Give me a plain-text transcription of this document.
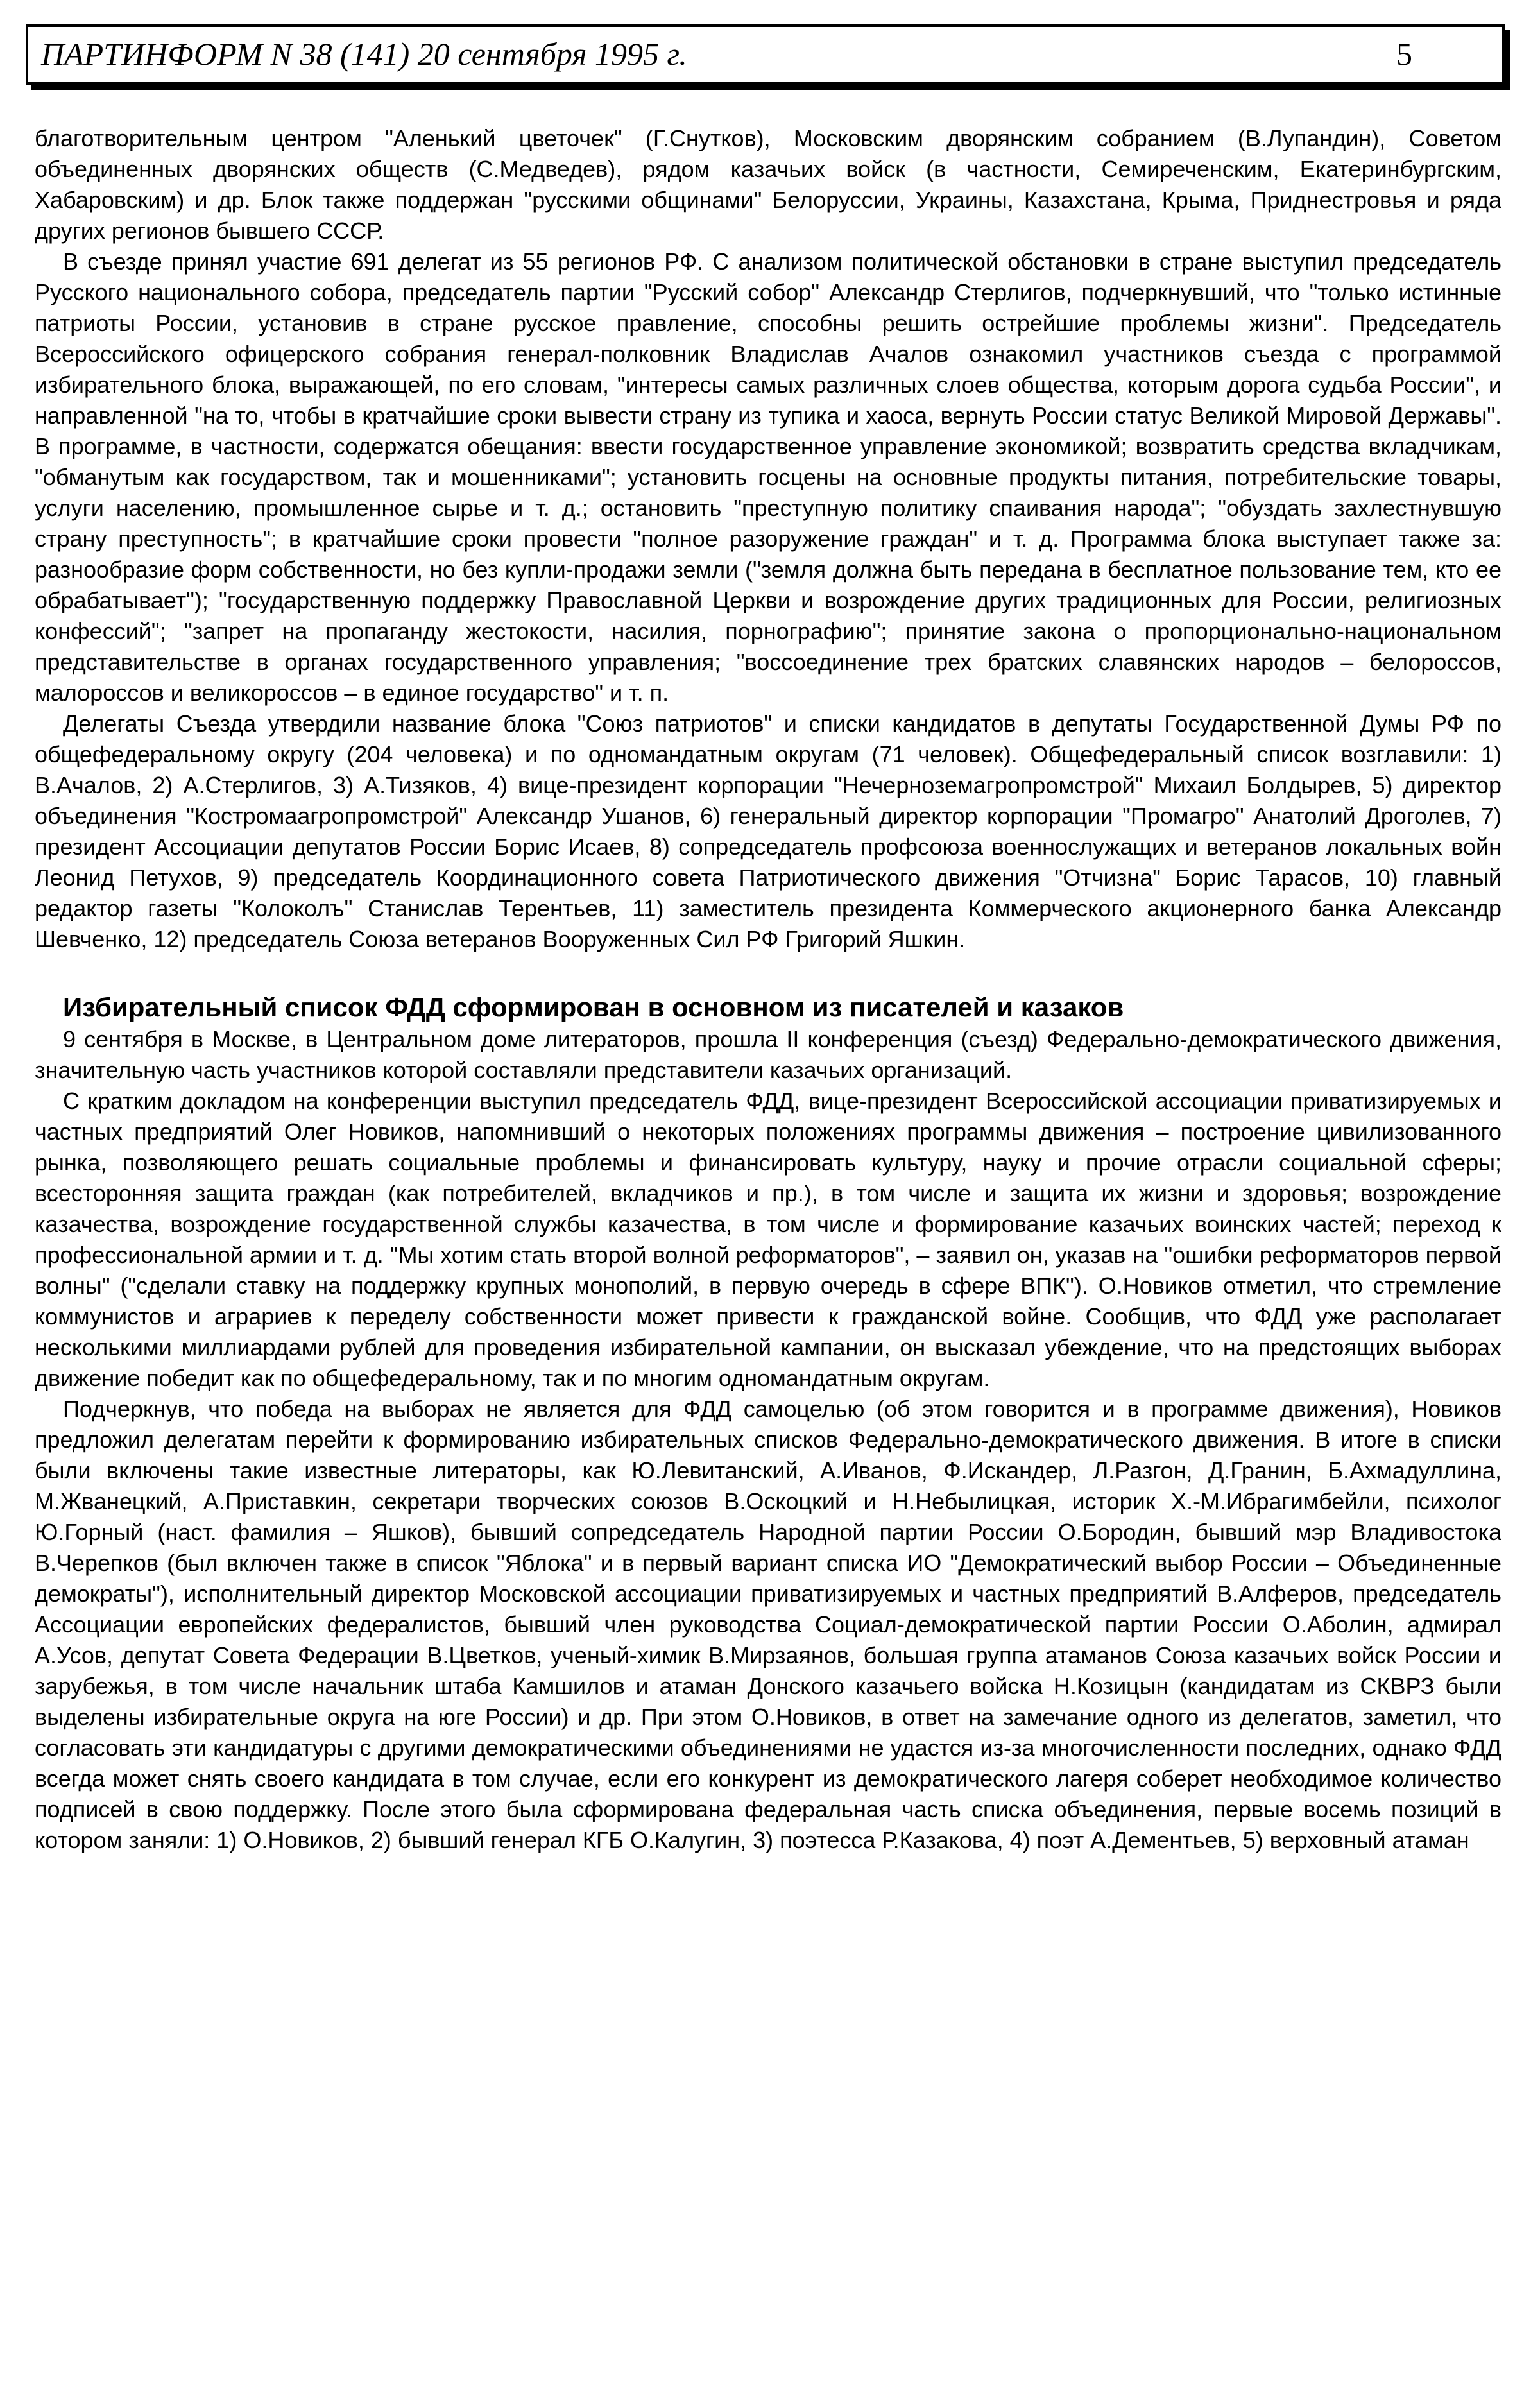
ПАРТИНФОРМ N 38 (141) 20 сентября 1995 г.	5

благотворительным центром "Аленький цветочек" (Г.Снутков), Московским дворянским собранием (В.Лупандин), Советом объединенных дворянских обществ (С.Медведев), рядом казачьих войск (в частности, Семиреченским, Екатеринбургским, Хабаровским) и др. Блок также поддержан "русскими общинами" Белоруссии, Украины, Казахстана, Крыма, Приднестровья и ряда других регионов бывшего СССР.

В съезде принял участие 691 делегат из 55 регионов РФ. С анализом политической обстановки в стране выступил председатель Русского национального собора, председатель партии "Русский собор" Александр Стерлигов, подчеркнувший, что "только истинные патриоты России, установив в стране русское правление, способны решить острейшие проблемы жизни". Председатель Всероссийского офицерского собрания генерал-полковник Владислав Ачалов ознакомил участников съезда с программой избирательного блока, выражающей, по его словам, "интересы самых различных слоев общества, которым дорога судьба России", и направленной "на то, чтобы в кратчайшие сроки вывести страну из тупика и хаоса, вернуть России статус Великой Мировой Державы". В программе, в частности, содержатся обещания: ввести государственное управление экономикой; возвратить средства вкладчикам, "обманутым как государством, так и мошенниками"; установить госцены на основные продукты питания, потребительские товары, услуги населению, промышленное сырье и т. д.; остановить "преступную политику спаивания народа"; "обуздать захлестнувшую страну преступность"; в кратчайшие сроки провести "полное разоружение граждан" и т. д. Программа блока выступает также за: разнообразие форм собственности, но без купли-продажи земли ("земля должна быть передана в бесплатное пользование тем, кто ее обрабатывает"); "государственную поддержку Православной Церкви и возрождение других традиционных для России, религиозных конфессий"; "запрет на пропаганду жестокости, насилия, порнографию"; принятие закона о пропорционально-национальном представительстве в органах государственного управления; "воссоединение трех братских славянских народов – белороссов, малороссов и великороссов – в единое государство" и т. п.

Делегаты Съезда утвердили название блока "Союз патриотов" и списки кандидатов в депутаты Государственной Думы РФ по общефедеральному округу (204 человека) и по одномандатным округам (71 человек). Общефедеральный список возглавили: 1) В.Ачалов, 2) А.Стерлигов, 3) А.Тизяков, 4) вице-президент корпорации "Нечерноземагропромстрой" Михаил Болдырев, 5) директор объединения "Костромаагропромстрой" Александр Ушанов, 6) генеральный директор корпорации "Промагро" Анатолий Дроголев, 7) президент Ассоциации депутатов России Борис Исаев, 8) сопредседатель профсоюза военнослужащих и ветеранов локальных войн Леонид Петухов, 9) председатель Координационного совета Патриотического движения "Отчизна" Борис Тарасов, 10) главный редактор газеты "Колоколъ" Станислав Терентьев, 11) заместитель президента Коммерческого акционерного банка Александр Шевченко, 12) председатель Союза ветеранов Вооруженных Сил РФ Григорий Яшкин.

Избирательный список ФДД сформирован в основном из писателей и казаков

9 сентября в Москве, в Центральном доме литераторов, прошла II конференция (съезд) Федерально-демократического движения, значительную часть участников которой составляли представители казачьих организаций.

С кратким докладом на конференции выступил председатель ФДД, вице-президент Всероссийской ассоциации приватизируемых и частных предприятий Олег Новиков, напомнивший о некоторых положениях программы движения – построение цивилизованного рынка, позволяющего решать социальные проблемы и финансировать культуру, науку и прочие отрасли социальной сферы; всесторонняя защита граждан (как потребителей, вкладчиков и пр.), в том числе и защита их жизни и здоровья; возрождение казачества, возрождение государственной службы казачества, в том числе и формирование казачьих воинских частей; переход к профессиональной армии и т. д. "Мы хотим стать второй волной реформаторов", – заявил он, указав на "ошибки реформаторов первой волны" ("сделали ставку на поддержку крупных монополий, в первую очередь в сфере ВПК"). О.Новиков отметил, что стремление коммунистов и аграриев к переделу собственности может привести к гражданской войне. Сообщив, что ФДД уже располагает несколькими миллиардами рублей для проведения избирательной кампании, он высказал убеждение, что на предстоящих выборах движение победит как по общефедеральному, так и по многим одномандатным округам.

Подчеркнув, что победа на выборах не является для ФДД самоцелью (об этом говорится и в программе движения), Новиков предложил делегатам перейти к формированию избирательных списков Федерально-демократического движения. В итоге в списки были включены такие известные литераторы, как Ю.Левитанский, А.Иванов, Ф.Искандер, Л.Разгон, Д.Гранин, Б.Ахмадуллина, М.Жванецкий, А.Приставкин, секретари творческих союзов В.Оскоцкий и Н.Небылицкая, историк Х.-М.Ибрагимбейли, психолог Ю.Горный (наст. фамилия – Яшков), бывший сопредседатель Народной партии России О.Бородин, бывший мэр Владивостока В.Черепков (был включен также в список "Яблока" и в первый вариант списка ИО "Демократический выбор России – Объединенные демократы"), исполнительный директор Московской ассоциации приватизируемых и частных предприятий В.Алферов, председатель Ассоциации европейских федералистов, бывший член руководства Социал-демократической партии России О.Аболин, адмирал А.Усов, депутат Совета Федерации В.Цветков, ученый-химик В.Мирзаянов, большая группа атаманов Союза казачьих войск России и зарубежья, в том числе начальник штаба Камшилов и атаман Донского казачьего войска Н.Козицын (кандидатам из СКВРЗ были выделены избирательные округа на юге России) и др. При этом О.Новиков, в ответ на замечание одного из делегатов, заметил, что согласовать эти кандидатуры с другими демократическими объединениями не удастся из-за многочисленности последних, однако ФДД всегда может снять своего кандидата в том случае, если его конкурент из демократического лагеря соберет необходимое количество подписей в свою поддержку. После этого была сформирована федеральная часть списка объединения, первые восемь позиций в котором заняли: 1) О.Новиков, 2) бывший генерал КГБ О.Калугин, 3) поэтесса Р.Казакова, 4) поэт А.Дементьев, 5) верховный атаман
